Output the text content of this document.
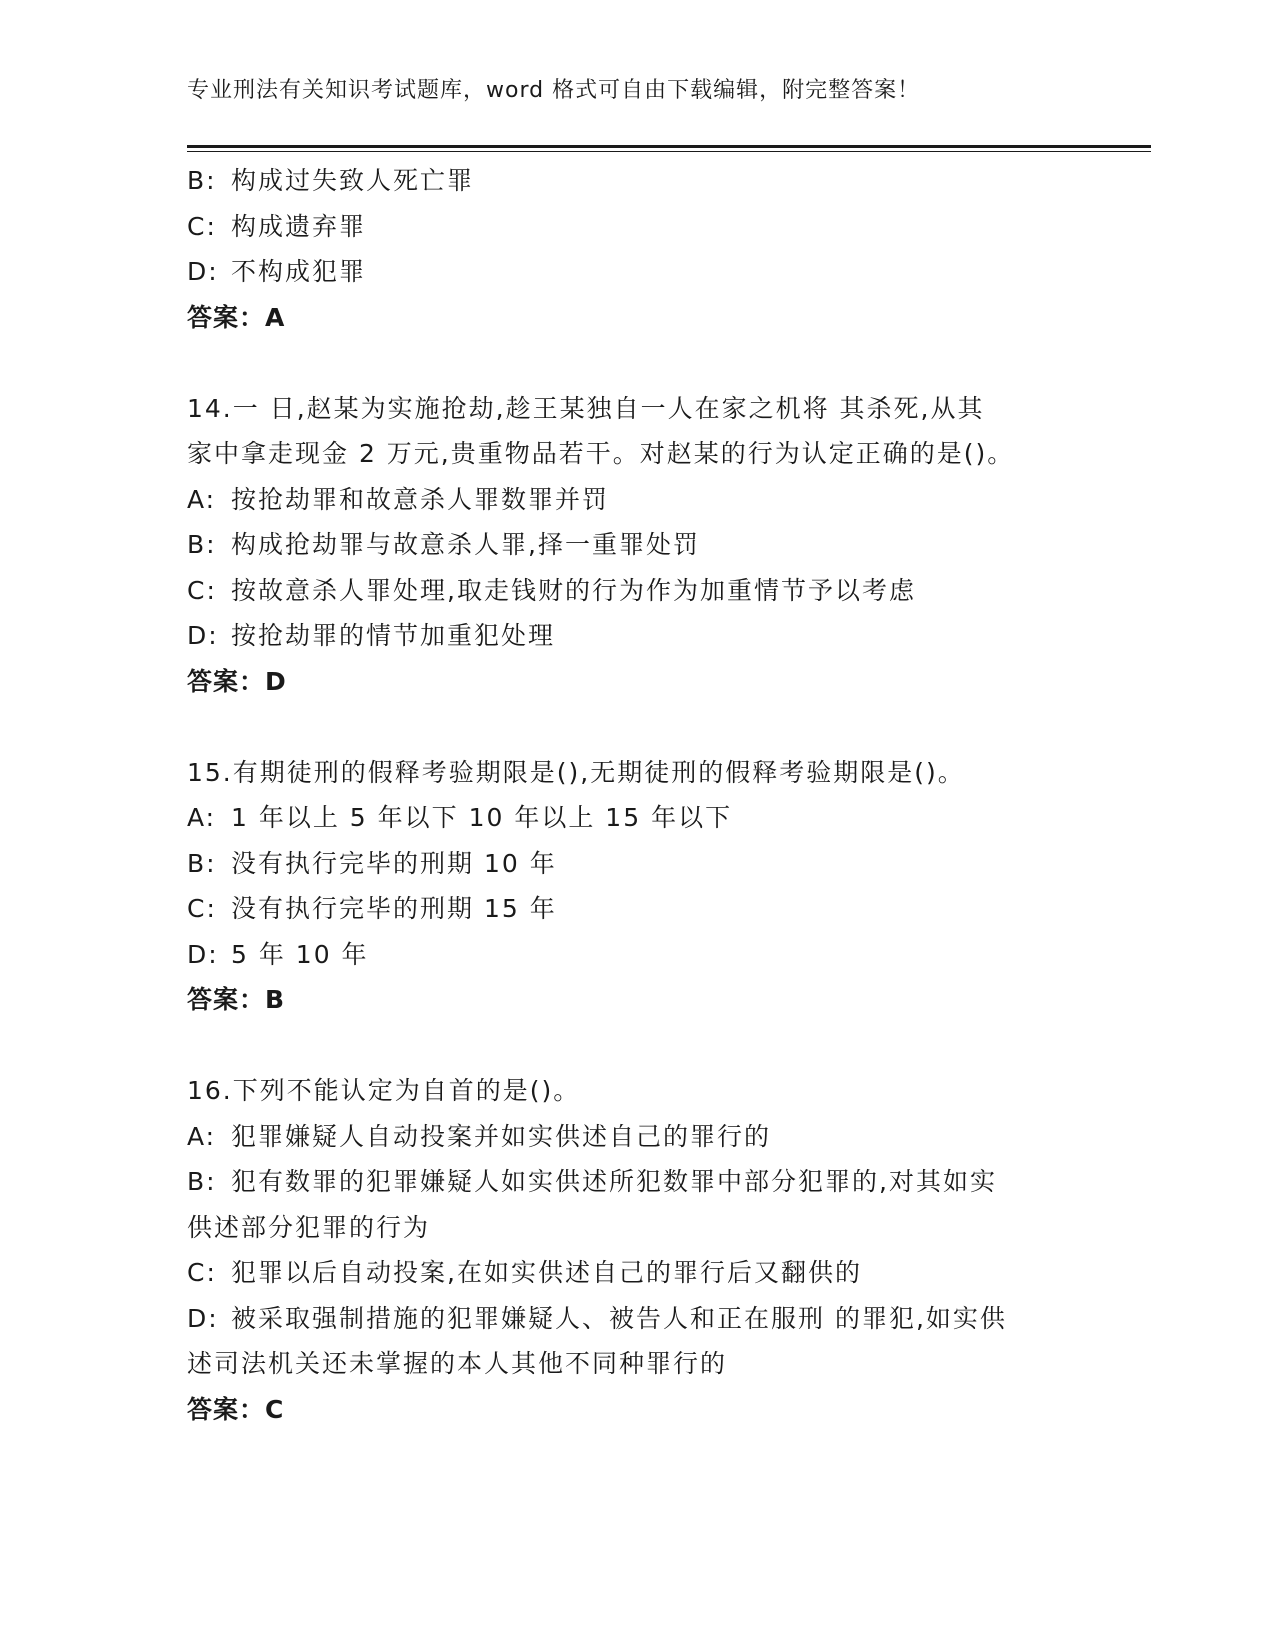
专业刑法有关知识考试题库，word 格式可自由下载编辑，附完整答案！
B: 构成过失致人死亡罪
C: 构成遗弃罪
D: 不构成犯罪
答案：A
14.一 日,赵某为实施抢劫,趁王某独自一人在家之机将 其杀死,从其
家中拿走现金 2 万元,贵重物品若干。对赵某的行为认定正确的是()。
A: 按抢劫罪和故意杀人罪数罪并罚
B: 构成抢劫罪与故意杀人罪,择一重罪处罚
C: 按故意杀人罪处理,取走钱财的行为作为加重情节予以考虑
D: 按抢劫罪的情节加重犯处理
答案：D
15.有期徒刑的假释考验期限是(),无期徒刑的假释考验期限是()。
A: 1 年以上 5 年以下 10 年以上 15 年以下
B: 没有执行完毕的刑期 10 年
C: 没有执行完毕的刑期 15 年
D: 5 年 10 年
答案：B
16.下列不能认定为自首的是()。
A: 犯罪嫌疑人自动投案并如实供述自己的罪行的
B: 犯有数罪的犯罪嫌疑人如实供述所犯数罪中部分犯罪的,对其如实
供述部分犯罪的行为
C: 犯罪以后自动投案,在如实供述自己的罪行后又翻供的
D: 被采取强制措施的犯罪嫌疑人、被告人和正在服刑 的罪犯,如实供
述司法机关还未掌握的本人其他不同种罪行的
答案：C
